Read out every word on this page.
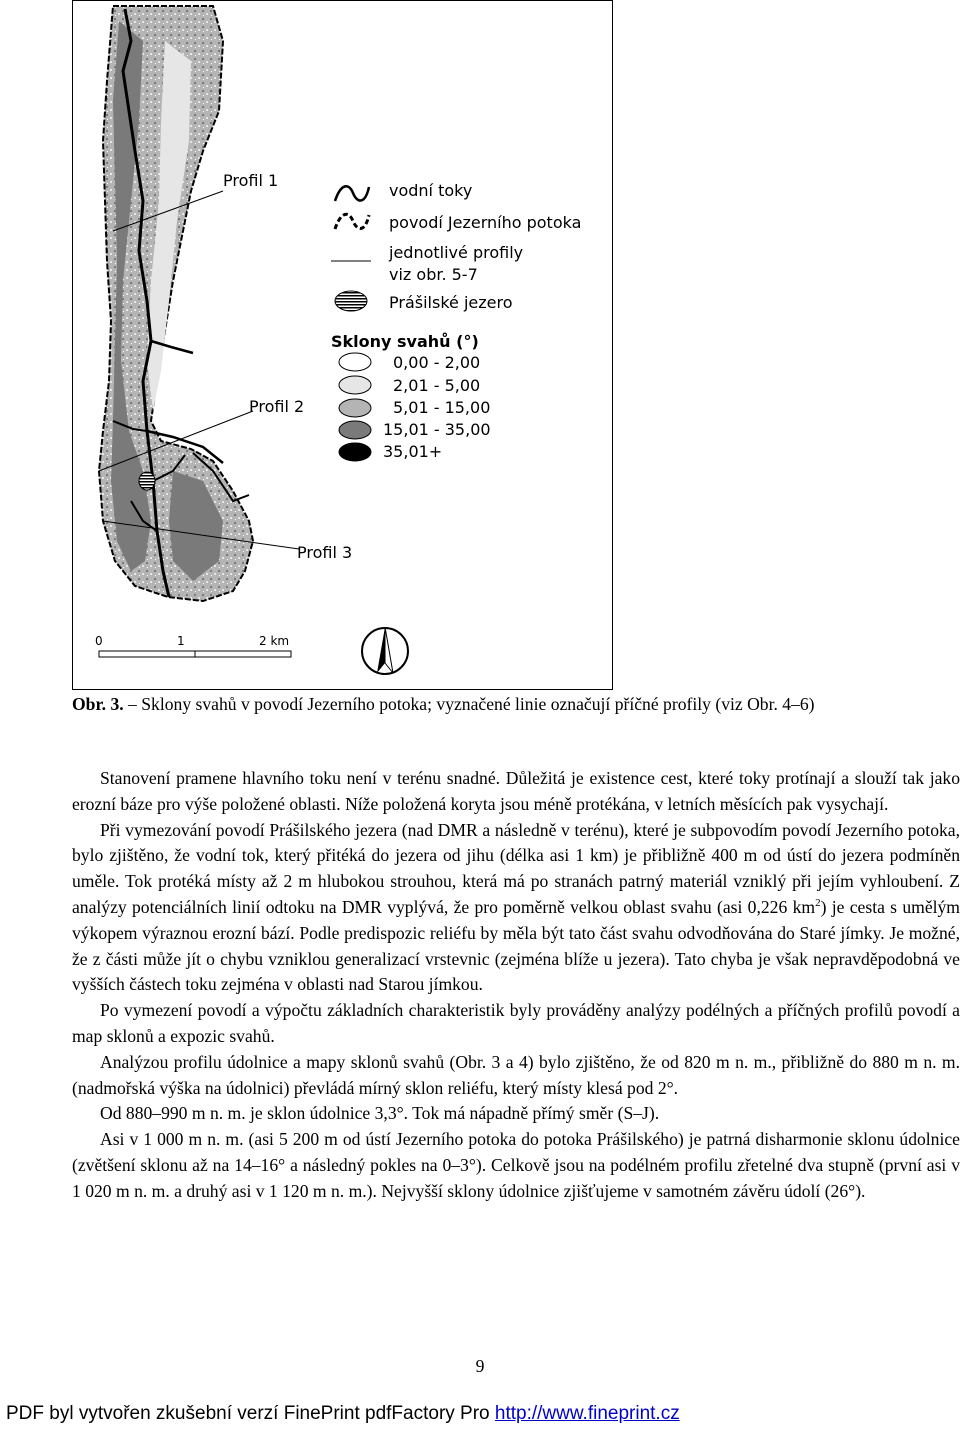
Profil 1
Profil 2
Profil 3
vodní toky
povodí Jezerního potoka
jednotlivé profily
viz obr. 5-7
Prášilské jezero
Sklony svahů (°)
0,00 - 2,00
2,01 - 5,00
5,01 - 15,00
15,01 - 35,00
35,01+
0	1	2 km
Obr. 3. – Sklony svahů v povodí Jezerního potoka; vyznačené linie označují příčné profily (viz Obr. 4–6)

Stanovení pramene hlavního toku není v terénu snadné. Důležitá je existence cest, které toky protínají a slouží tak jako erozní báze pro výše položené oblasti. Níže položená koryta jsou méně protékána, v letních měsících pak vysychají.

Při vymezování povodí Prášilského jezera (nad DMR a následně v terénu), které je subpovodím povodí Jezerního potoka, bylo zjištěno, že vodní tok, který přitéká do jezera od jihu (délka asi 1 km) je přibližně 400 m od ústí do jezera podmíněn uměle. Tok protéká místy až 2 m hlubokou strouhou, která má po stranách patrný materiál vzniklý při jejím vyhloubení. Z analýzy potenciálních linií odtoku na DMR vyplývá, že pro poměrně velkou oblast svahu (asi 0,226 $km^2$) je cesta s umělým výkopem výraznou erozní bází. Podle predispozic reliéfu by měla být tato část svahu odvodňována do Staré jímky. Je možné, že z části může jít o chybu vzniklou generalizací vrstevnic (zejména blíže u jezera). Tato chyba je však nepravděpodobná ve vyšších částech toku zejména v oblasti nad Starou jímkou.

Po vymezení povodí a výpočtu základních charakteristik byly prováděny analýzy podélných a příčných profilů povodí a map sklonů a expozic svahů.

Analýzou profilu údolnice a mapy sklonů svahů (Obr. 3 a 4) bylo zjištěno, že od 820 m n. m., přibližně do 880 m n. m. (nadmořská výška na údolnici) převládá mírný sklon reliéfu, který místy klesá pod 2°.

Od 880–990 m n. m. je sklon údolnice 3,3°. Tok má nápadně přímý směr (S–J).

Asi v 1 000 m n. m. (asi 5 200 m od ústí Jezerního potoka do potoka Prášilského) je patrná disharmonie sklonu údolnice (zvětšení sklonu až na 14–16° a následný pokles na 0–3°). Celkově jsou na podélném profilu zřetelné dva stupně (první asi v 1 020 m n. m. a druhý asi v 1 120 m n. m.). Nejvyšší sklony údolnice zjišťujeme v samotném závěru údolí (26°).

9
PDF byl vytvořen zkušební verzí FinePrint pdfFactory Pro http://www.fineprint.cz
